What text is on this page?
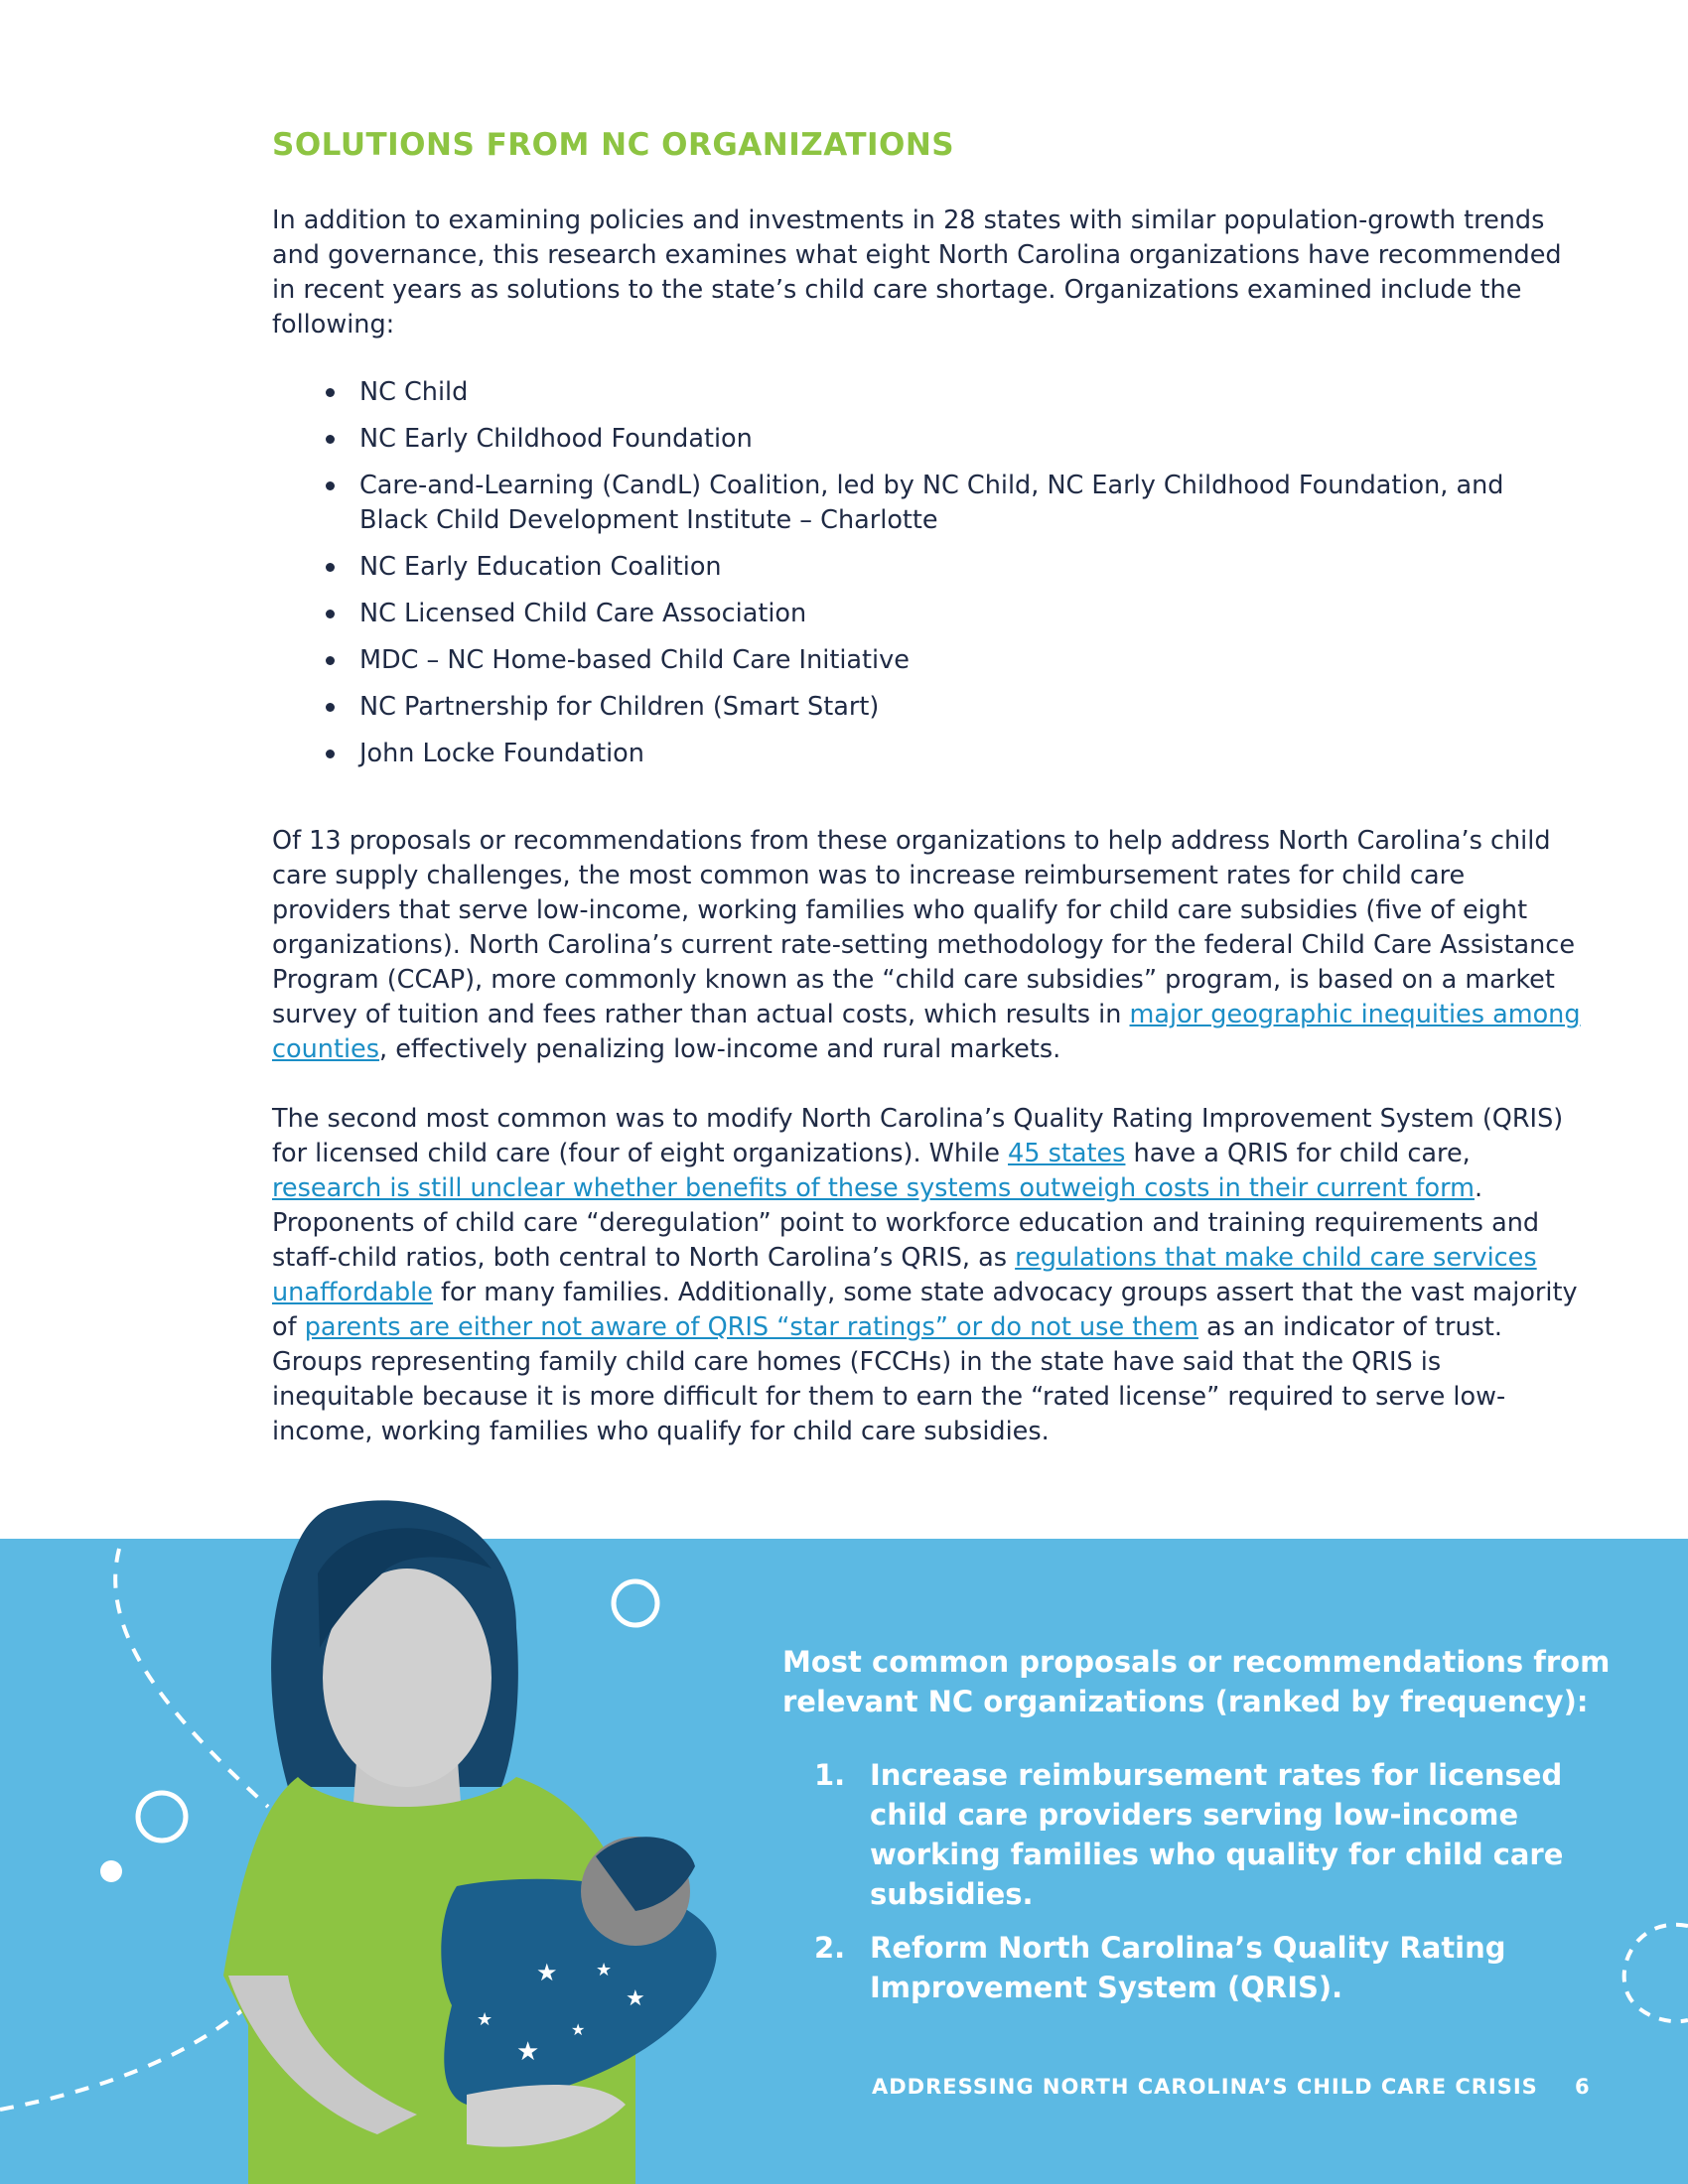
SOLUTIONS FROM NC ORGANIZATIONS

In addition to examining policies and investments in 28 states with similar population-growth trends and governance, this research examines what eight North Carolina organizations have recommended in recent years as solutions to the state’s child care shortage. Organizations examined include the following:

NC Child
NC Early Childhood Foundation
Care-and-Learning (CandL) Coalition, led by NC Child, NC Early Childhood Foundation, and Black Child Development Institute – Charlotte
NC Early Education Coalition
NC Licensed Child Care Association
MDC – NC Home-based Child Care Initiative
NC Partnership for Children (Smart Start)
John Locke Foundation

Of 13 proposals or recommendations from these organizations to help address North Carolina’s child care supply challenges, the most common was to increase reimbursement rates for child care providers that serve low-income, working families who qualify for child care subsidies (five of eight organizations). North Carolina’s current rate-setting methodology for the federal Child Care Assistance Program (CCAP), more commonly known as the “child care subsidies” program, is based on a market survey of tuition and fees rather than actual costs, which results in major geographic inequities among counties, effectively penalizing low-income and rural markets.

The second most common was to modify North Carolina’s Quality Rating Improvement System (QRIS) for licensed child care (four of eight organizations). While 45 states have a QRIS for child care, research is still unclear whether benefits of these systems outweigh costs in their current form. Proponents of child care “deregulation” point to workforce education and training requirements and staff-child ratios, both central to North Carolina’s QRIS, as regulations that make child care services unaffordable for many families. Additionally, some state advocacy groups assert that the vast majority of parents are either not aware of QRIS “star ratings” or do not use them as an indicator of trust. Groups representing family child care homes (FCCHs) in the state have said that the QRIS is inequitable because it is more difficult for them to earn the “rated license” required to serve low-income, working families who qualify for child care subsidies.

★ ★
★
★
★
★

Most common proposals or recommendations from relevant NC organizations (ranked by frequency):

1. Increase reimbursement rates for licensed child care providers serving low-income working families who quality for child care subsidies.
2. Reform North Carolina’s Quality Rating Improvement System (QRIS).
ADDRESSING NORTH CAROLINA’S CHILD CARE CRISIS 6
